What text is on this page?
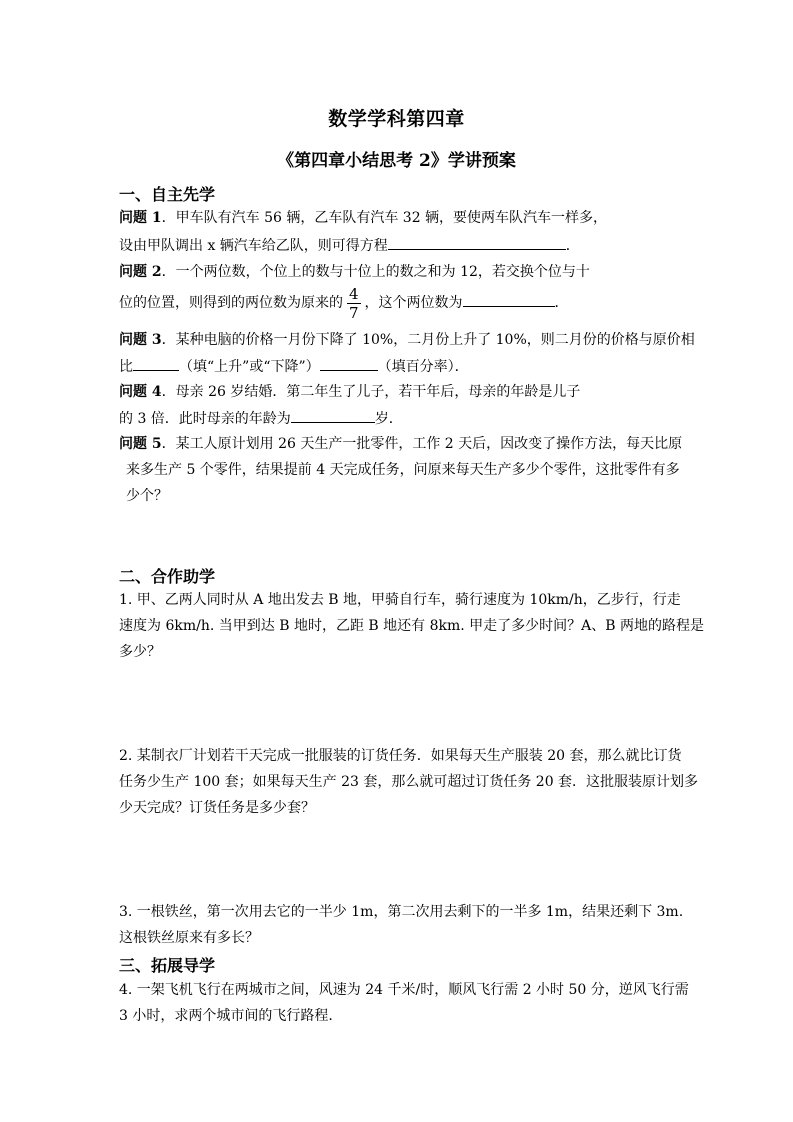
数学学科第四章
《第四章小结思考 2》学讲预案
一、自主先学
问题 1．甲车队有汽车 56 辆，乙车队有汽车 32 辆，要使两车队汽车一样多，
设由甲队调出 x 辆汽车给乙队，则可得方程	．
问题 2．一个两位数，个位上的数与十位上的数之和为 12，若交换个位与十
位的位置，则得到的两位数为原来的 $\frac{4}{7}$ ，这个两位数为	．
问题 3．某种电脑的价格一月份下降了 10%，二月份上升了 10%，则二月份的价格与原价相
比	（填“上升”或“下降”）	（填百分率）．
问题 4．母亲 26 岁结婚．第二年生了儿子，若干年后，母亲的年龄是儿子
的 3 倍．此时母亲的年龄为	岁．
问题 5．某工人原计划用 26 天生产一批零件，工作 2 天后，因改变了操作方法，每天比原
来多生产 5 个零件，结果提前 4 天完成任务，问原来每天生产多少个零件，这批零件有多
少个？
二、合作助学
1. 甲、乙两人同时从 A 地出发去 B 地，甲骑自行车，骑行速度为 10km/h，乙步行，行走
速度为 6km/h. 当甲到达 B 地时，乙距 B 地还有 8km. 甲走了多少时间？A、B 两地的路程是
多少？
2. 某制衣厂计划若干天完成一批服装的订货任务．如果每天生产服装 20 套，那么就比订货
任务少生产 100 套；如果每天生产 23 套，那么就可超过订货任务 20 套．这批服装原计划多
少天完成？订货任务是多少套？
3. 一根铁丝，第一次用去它的一半少 1m，第二次用去剩下的一半多 1m，结果还剩下 3m.
这根铁丝原来有多长？
三、拓展导学
4. 一架飞机飞行在两城市之间，风速为 24 千米/时，顺风飞行需 2 小时 50 分，逆风飞行需
3 小时，求两个城市间的飞行路程.
